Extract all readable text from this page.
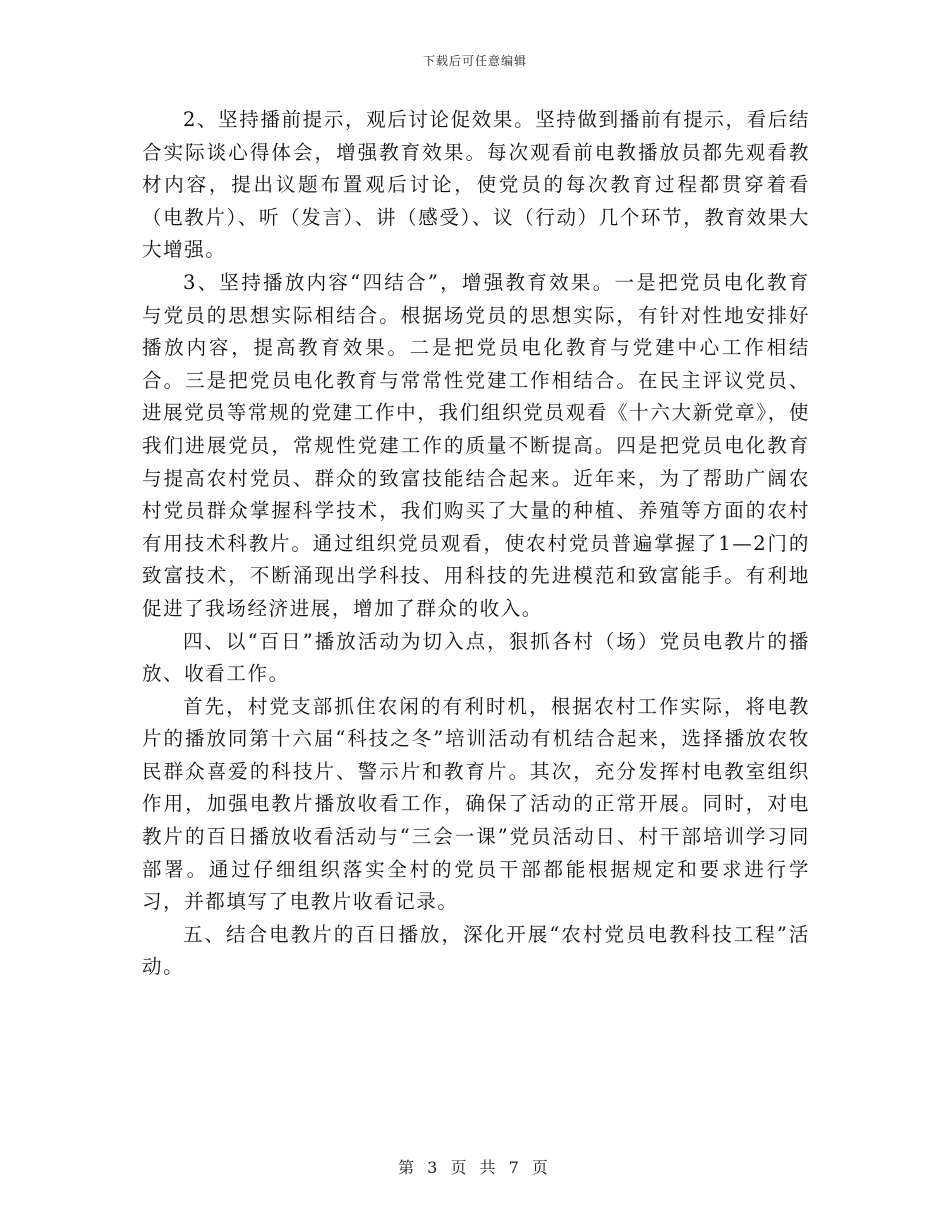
下载后可任意编辑

2、坚持播前提示，观后讨论促效果。坚持做到播前有提示，看后结合实际谈心得体会，增强教育效果。每次观看前电教播放员都先观看教材内容，提出议题布置观后讨论，使党员的每次教育过程都贯穿着看（电教片）、听（发言）、讲（感受）、议（行动）几个环节，教育效果大大增强。

3、坚持播放内容“四结合”，增强教育效果。一是把党员电化教育与党员的思想实际相结合。根据场党员的思想实际，有针对性地安排好播放内容，提高教育效果。二是把党员电化教育与党建中心工作相结合。三是把党员电化教育与常常性党建工作相结合。在民主评议党员、进展党员等常规的党建工作中，我们组织党员观看《十六大新党章》，使我们进展党员，常规性党建工作的质量不断提高。四是把党员电化教育与提高农村党员、群众的致富技能结合起来。近年来，为了帮助广阔农村党员群众掌握科学技术，我们购买了大量的种植、养殖等方面的农村有用技术科教片。通过组织党员观看，使农村党员普遍掌握了1—2门的致富技术，不断涌现出学科技、用科技的先进模范和致富能手。有利地促进了我场经济进展，增加了群众的收入。

四、以“百日”播放活动为切入点，狠抓各村（场）党员电教片的播放、收看工作。

首先，村党支部抓住农闲的有利时机，根据农村工作实际，将电教片的播放同第十六届“科技之冬”培训活动有机结合起来，选择播放农牧民群众喜爱的科技片、警示片和教育片。其次，充分发挥村电教室组织作用，加强电教片播放收看工作，确保了活动的正常开展。同时，对电教片的百日播放收看活动与“三会一课”党员活动日、村干部培训学习同部署。通过仔细组织落实全村的党员干部都能根据规定和要求进行学习，并都填写了电教片收看记录。

五、结合电教片的百日播放，深化开展“农村党员电教科技工程”活动。

第 3 页 共 7 页
